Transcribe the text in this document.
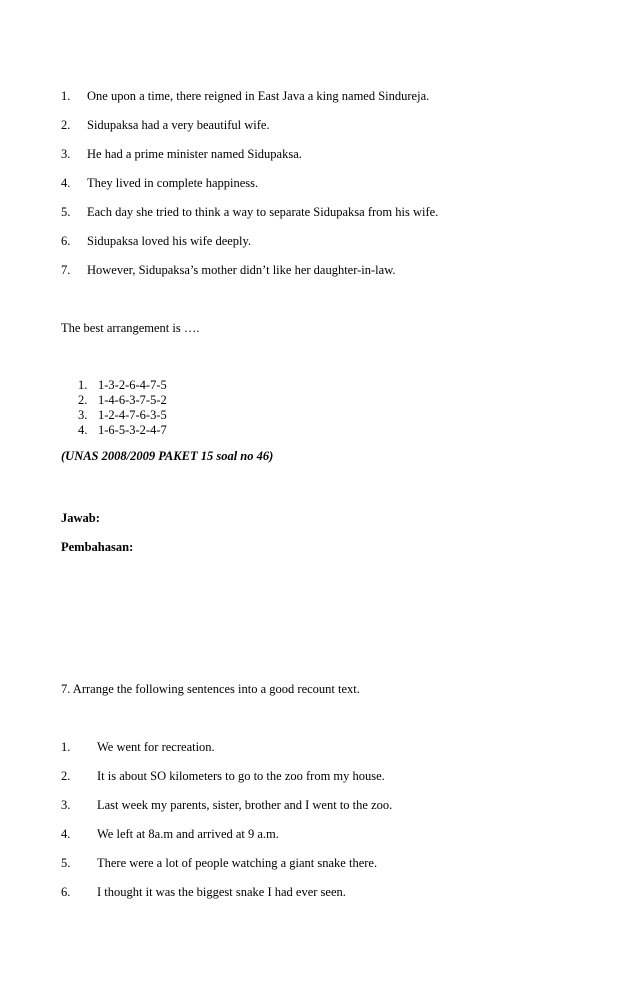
1. One upon a time, there reigned in East Java a king named Sindureja.
2. Sidupaksa had a very beautiful wife.
3. He had a prime minister named Sidupaksa.
4. They lived in complete happiness.
5. Each day she tried to think a way to separate Sidupaksa from his wife.
6. Sidupaksa loved his wife deeply.
7. However, Sidupaksa’s mother didn’t like her daughter-in-law.
The best arrangement is ….
1. 1-3-2-6-4-7-5
2. 1-4-6-3-7-5-2
3. 1-2-4-7-6-3-5
4. 1-6-5-3-2-4-7
(UNAS 2008/2009 PAKET 15 soal no 46)
Jawab:
Pembahasan:
7. Arrange the following sentences into a good recount text.
1. We went for recreation.
2. It is about SO kilometers to go to the zoo from my house.
3. Last week my parents, sister, brother and I went to the zoo.
4. We left at 8a.m and arrived at 9 a.m.
5. There were a lot of people watching a giant snake there.
6. I thought it was the biggest snake I had ever seen.
